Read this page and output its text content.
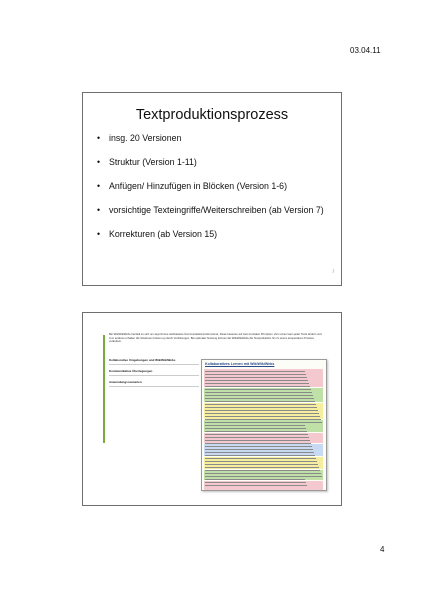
03.04.11
Textproduktionsprozess
• insg. 20 Versionen
• Struktur (Version 1-11)
• Anfügen/ Hinzufügen in Blöcken (Version 1-6)
• vorsichtige Texteingriffe/Weiterschreiben (ab Version 7)
• Korrekturen (ab Version 15)
/
Bei WikiWikiWebs handelt es sich um asynchrone webbasierte Kommunikationsinstrumente. Diese basieren auf zwei zentralen Prinzipien. Zum einen kann jeder Texte ändern und zum anderen erhalten die Strukturen bottom-up durch Verlinkungen. Bei optimaler Nutzung können die WikiWikiWebs die Textproduktion hin zu einem kooperativen Prozess verändern.
Kollaborative Umgebungen und WikiWikiWebs
Kommunikative Überlegungen
Anwendungsszenarien
Kollaboratives Lernen mit WikiWikiWebs
4
